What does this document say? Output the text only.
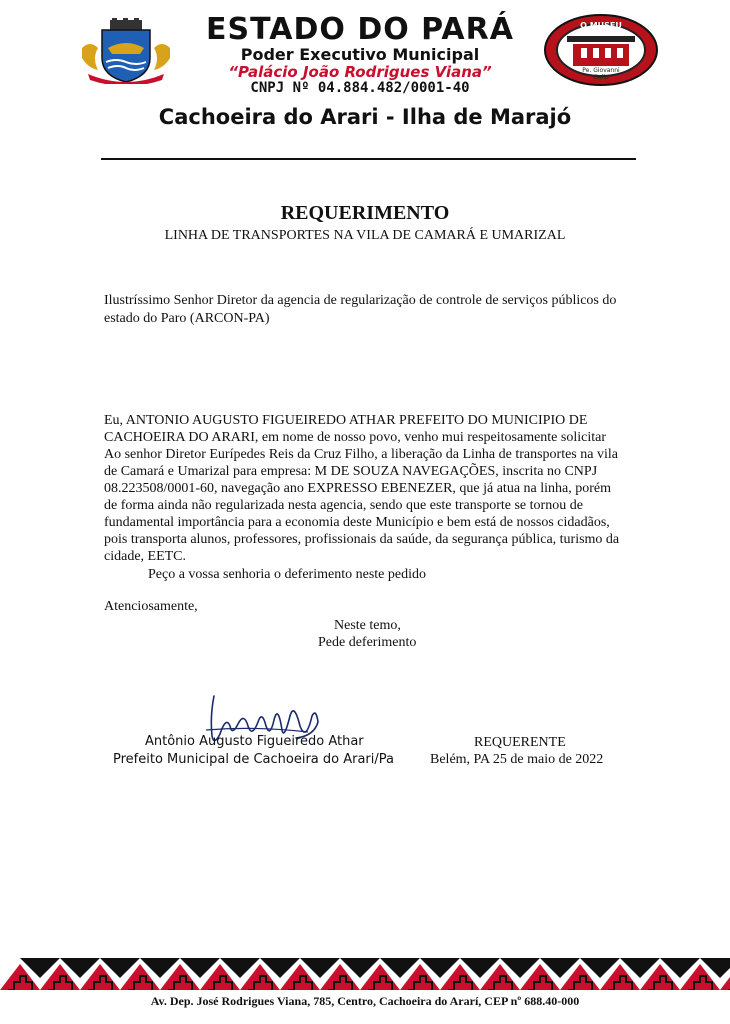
ESTADO DO PARÁ
Poder Executivo Municipal
“Palácio João Rodrigues Viana”
CNPJ Nº 04.884.482/0001-40
O MUSEU
Pe. Giovanni
Gallo
Cachoeira do Arari - Ilha de Marajó
REQUERIMENTO
LINHA DE TRANSPORTES NA VILA DE CAMARÁ E UMARIZAL
Ilustríssimo Senhor Diretor da agencia de regularização de controle de serviços públicos do estado do Paro (ARCON-PA)
Eu, ANTONIO AUGUSTO FIGUEIREDO ATHAR PREFEITO DO MUNICIPIO DE CACHOEIRA DO ARARI, em nome de nosso povo, venho mui respeitosamente solicitar Ao senhor Diretor Eurípedes Reis da Cruz Filho, a liberação da Linha de transportes na vila de Camará e Umarizal para empresa: M DE SOUZA NAVEGAÇÕES, inscrita no CNPJ 08.223508/0001-60, navegação ano EXPRESSO EBENEZER, que já atua na linha, porém de forma ainda não regularizada nesta agencia, sendo que este transporte se tornou de fundamental importância para a economia deste Município e bem está de nossos cidadãos, pois transporta alunos, professores, profissionais da saúde, da segurança pública, turismo da cidade, EETC.
Peço a vossa senhoria o deferimento neste pedido
Atenciosamente,
Neste temo,
Pede deferimento
Antônio Augusto Figueiredo Athar
Prefeito Municipal de Cachoeira do Arari/Pa
REQUERENTE
Belém, PA 25 de maio de 2022
Av. Dep. José Rodrigues Viana, 785, Centro, Cachoeira do Ararí, CEP nº 688.40-000
